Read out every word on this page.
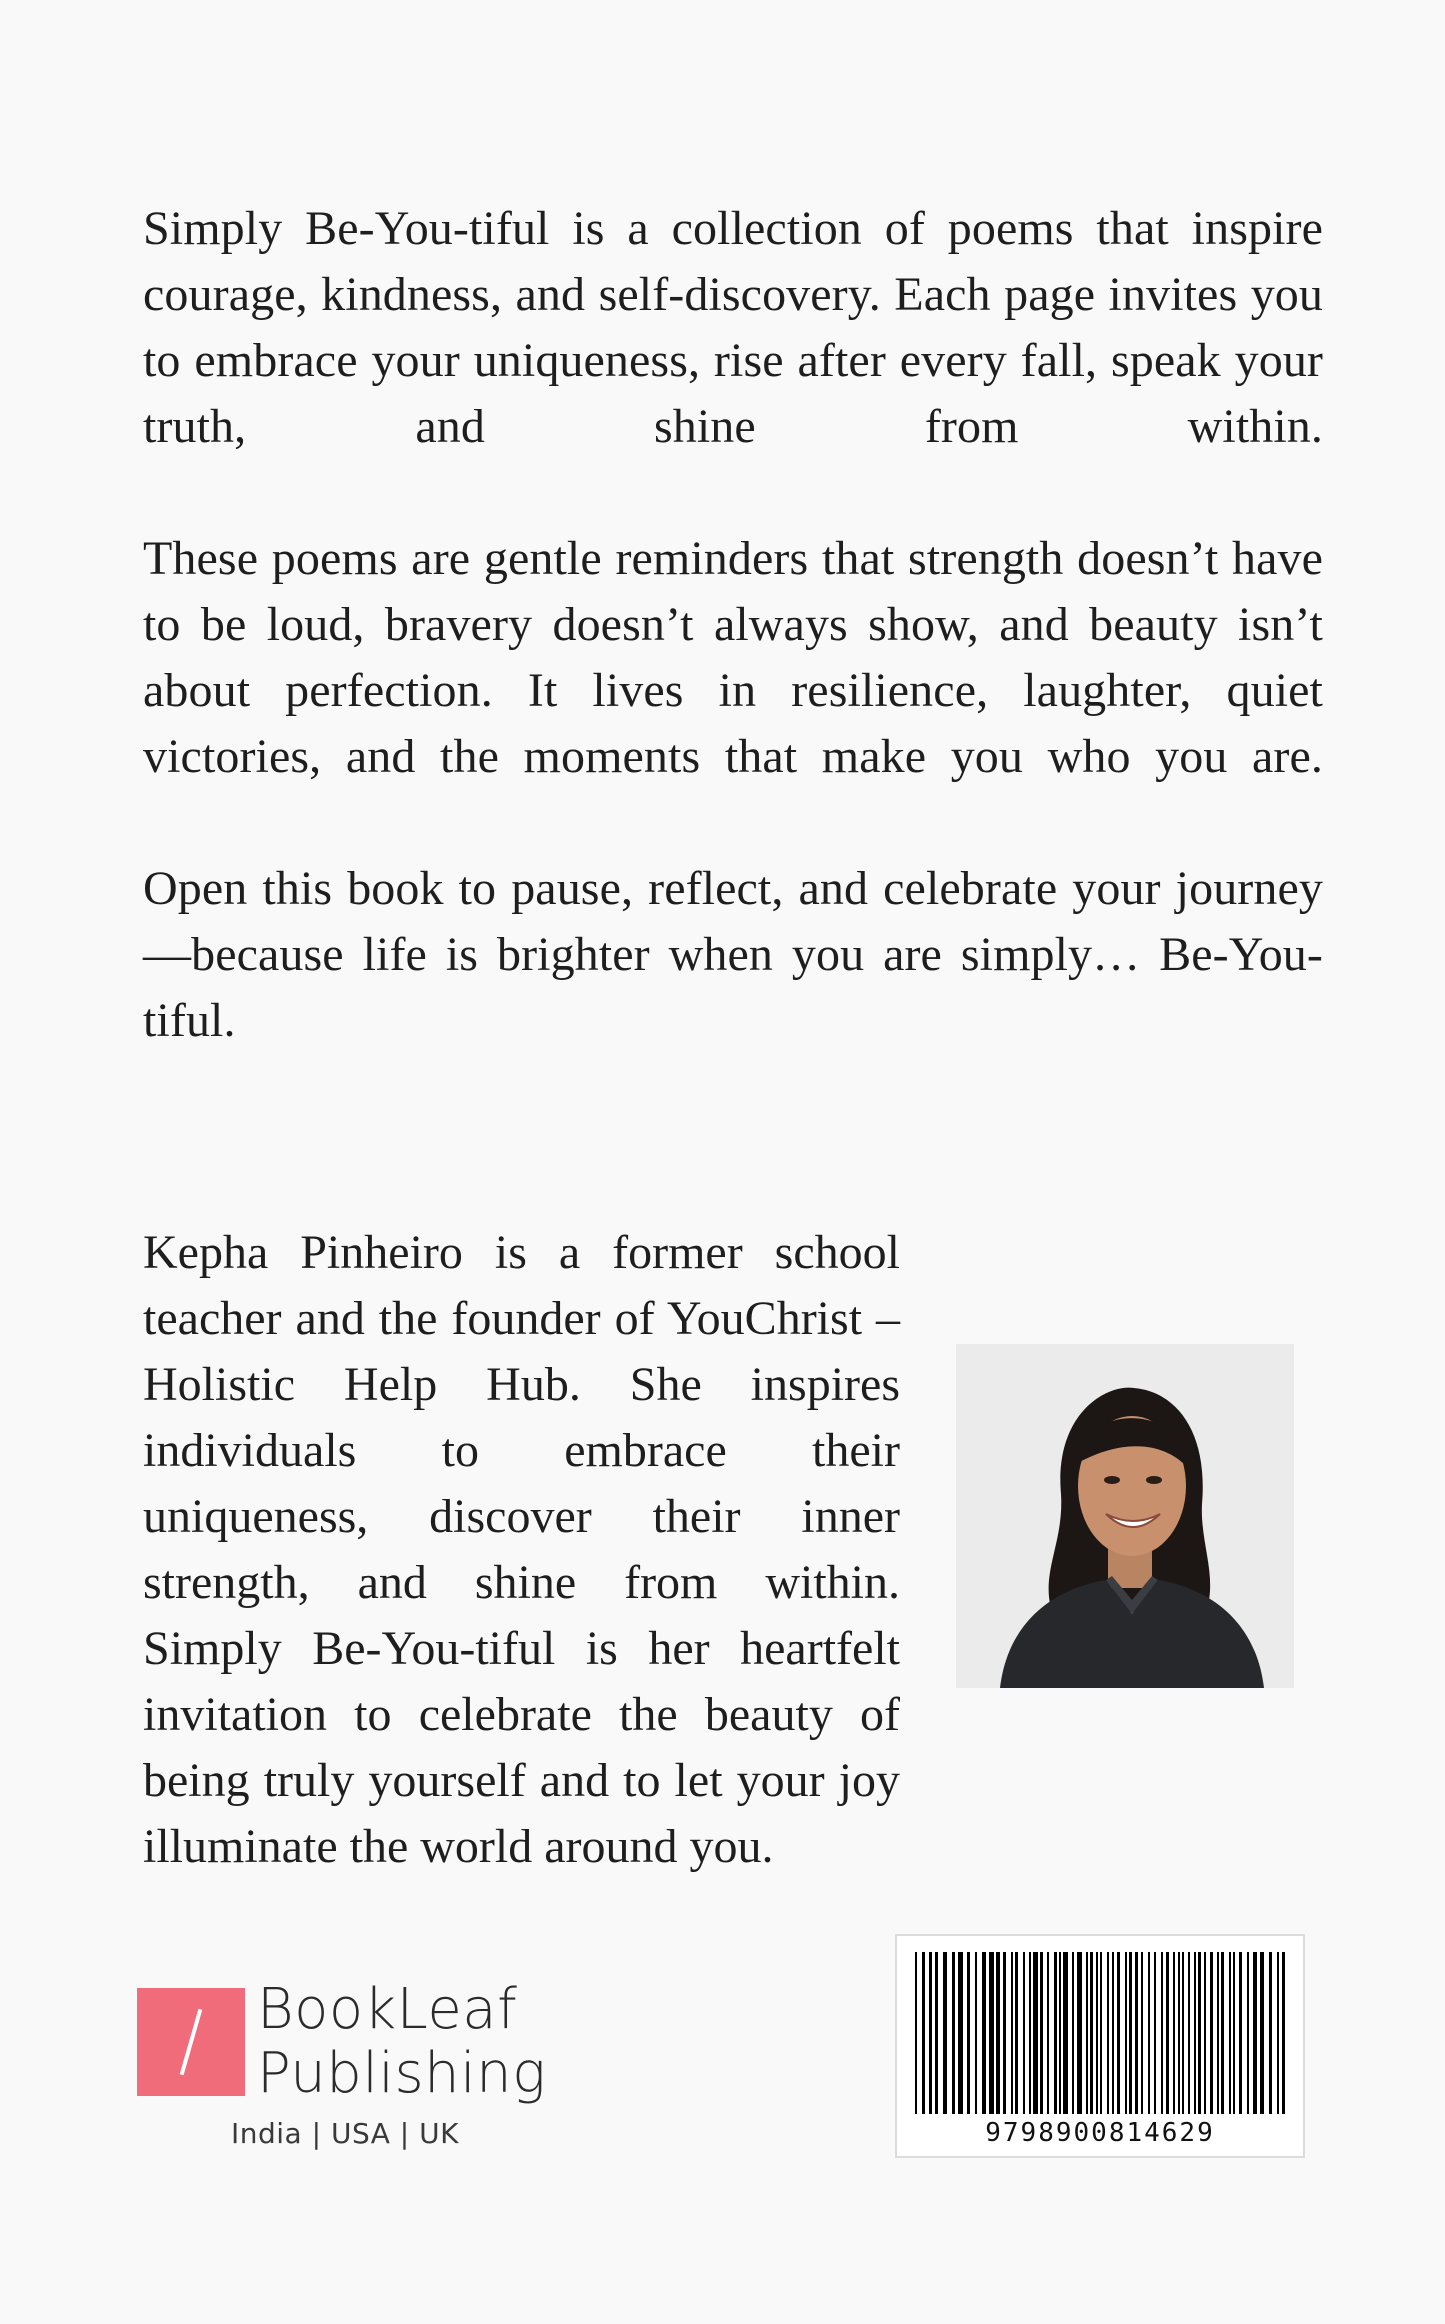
Simply Be-You-tiful is a collection of poems that inspire courage, kindness, and self-discovery. Each page invites you to embrace your uniqueness, rise after every fall, speak your truth, and shine from within.

These poems are gentle reminders that strength doesn’t have to be loud, bravery doesn’t always show, and beauty isn’t about perfection. It lives in resilience, laughter, quiet victories, and the moments that make you who you are.

Open this book to pause, reflect, and celebrate your journey—because life is brighter when you are simply… Be-You-tiful.

Kepha Pinheiro is a former school teacher and the founder of YouChrist – Holistic Help Hub. She inspires individuals to embrace their uniqueness, discover their inner strength, and shine from within. Simply Be-You-tiful is her heartfelt invitation to celebrate the beauty of being truly yourself and to let your joy illuminate the world around you.

BookLeaf
Publishing
India | USA | UK	9798900814629
